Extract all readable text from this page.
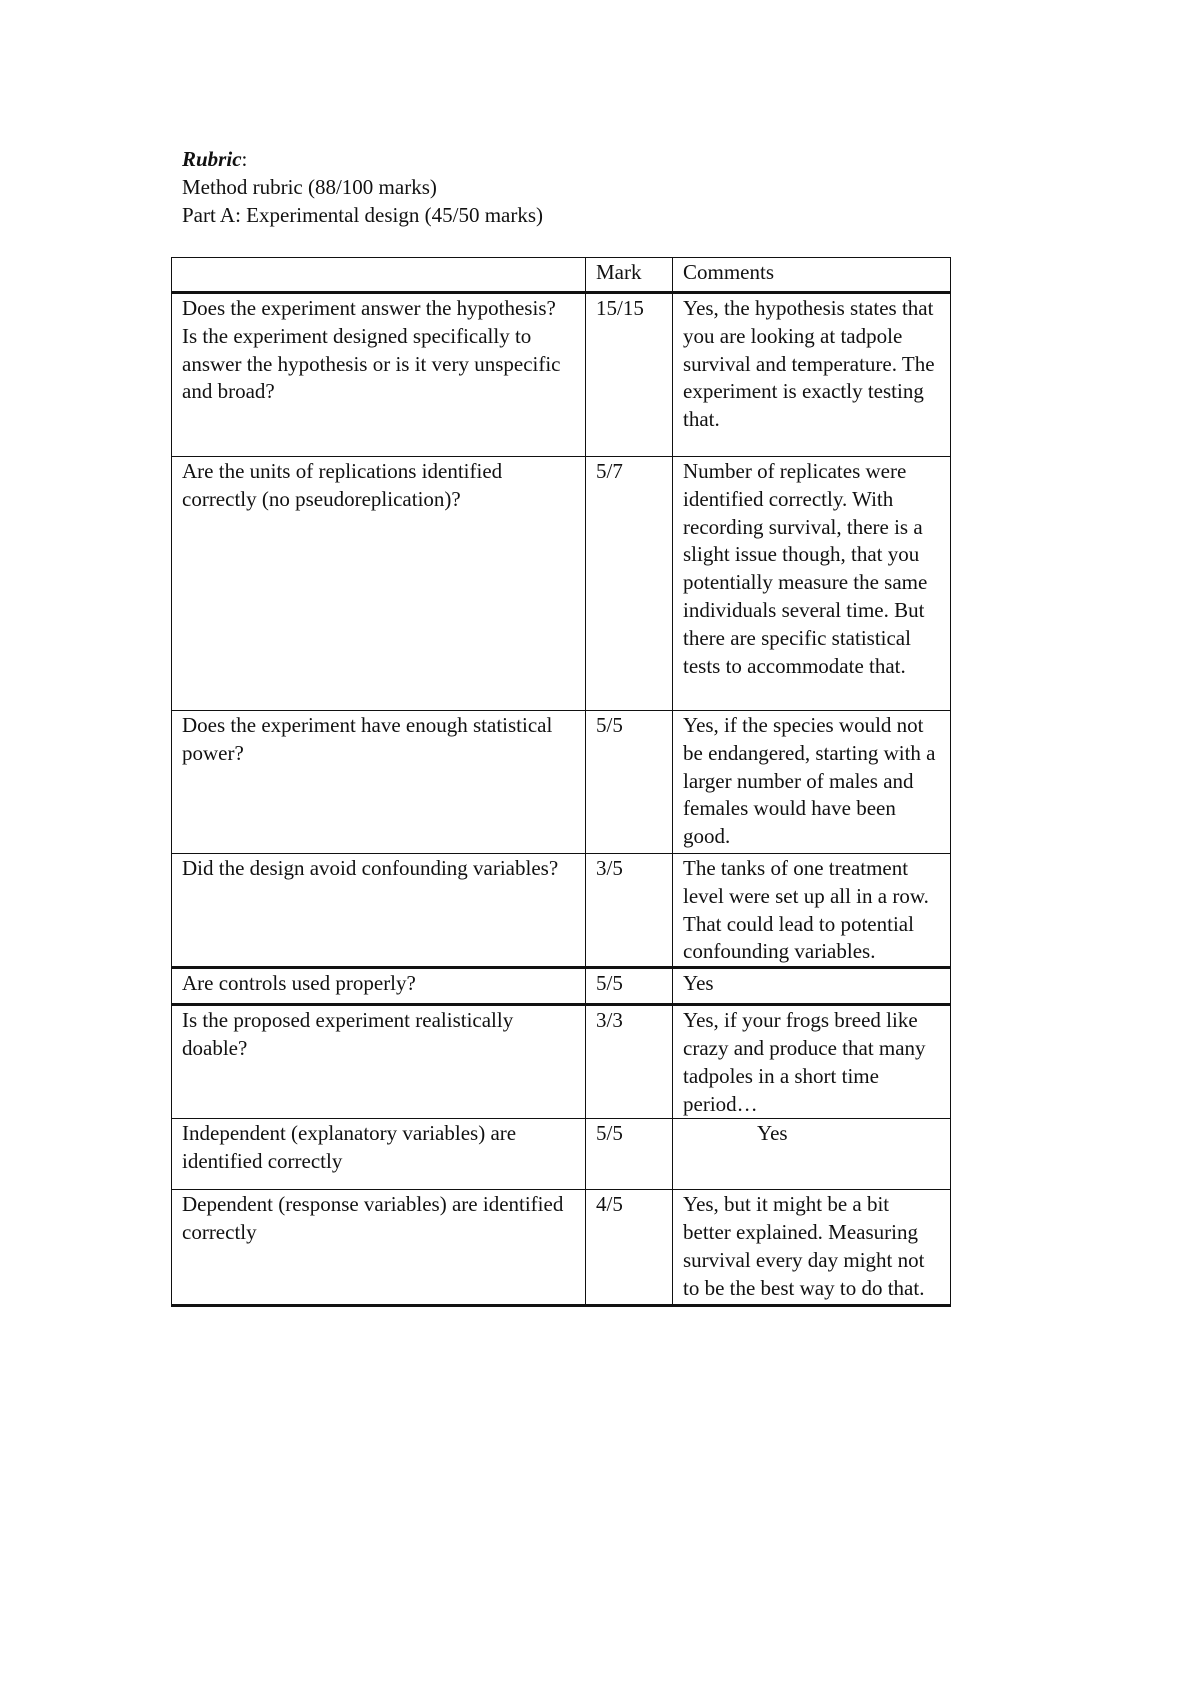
Rubric:
Method rubric (88/100 marks)
Part A: Experimental design (45/50 marks)
	Mark	Comments
Does the experiment answer the hypothesis? Is the experiment designed specifically to answer the hypothesis or is it very unspecific and broad?	15/15	Yes, the hypothesis states that you are looking at tadpole survival and temperature. The experiment is exactly testing that.
Are the units of replications identified correctly (no pseudoreplication)?	5/7	Number of replicates were identified correctly. With recording survival, there is a slight issue though, that you potentially measure the same individuals several time. But there are specific statistical tests to accommodate that.
Does the experiment have enough statistical power?	5/5	Yes, if the species would not be endangered, starting with a larger number of males and females would have been good.
Did the design avoid confounding variables?	3/5	The tanks of one treatment level were set up all in a row. That could lead to potential confounding variables.
Are controls used properly?	5/5	Yes
Is the proposed experiment realistically doable?	3/3	Yes, if your frogs breed like crazy and produce that many tadpoles in a short time period…
Independent (explanatory variables) are identified correctly	5/5	Yes
Dependent (response variables) are identified correctly	4/5	Yes, but it might be a bit better explained. Measuring survival every day might not to be the best way to do that.
